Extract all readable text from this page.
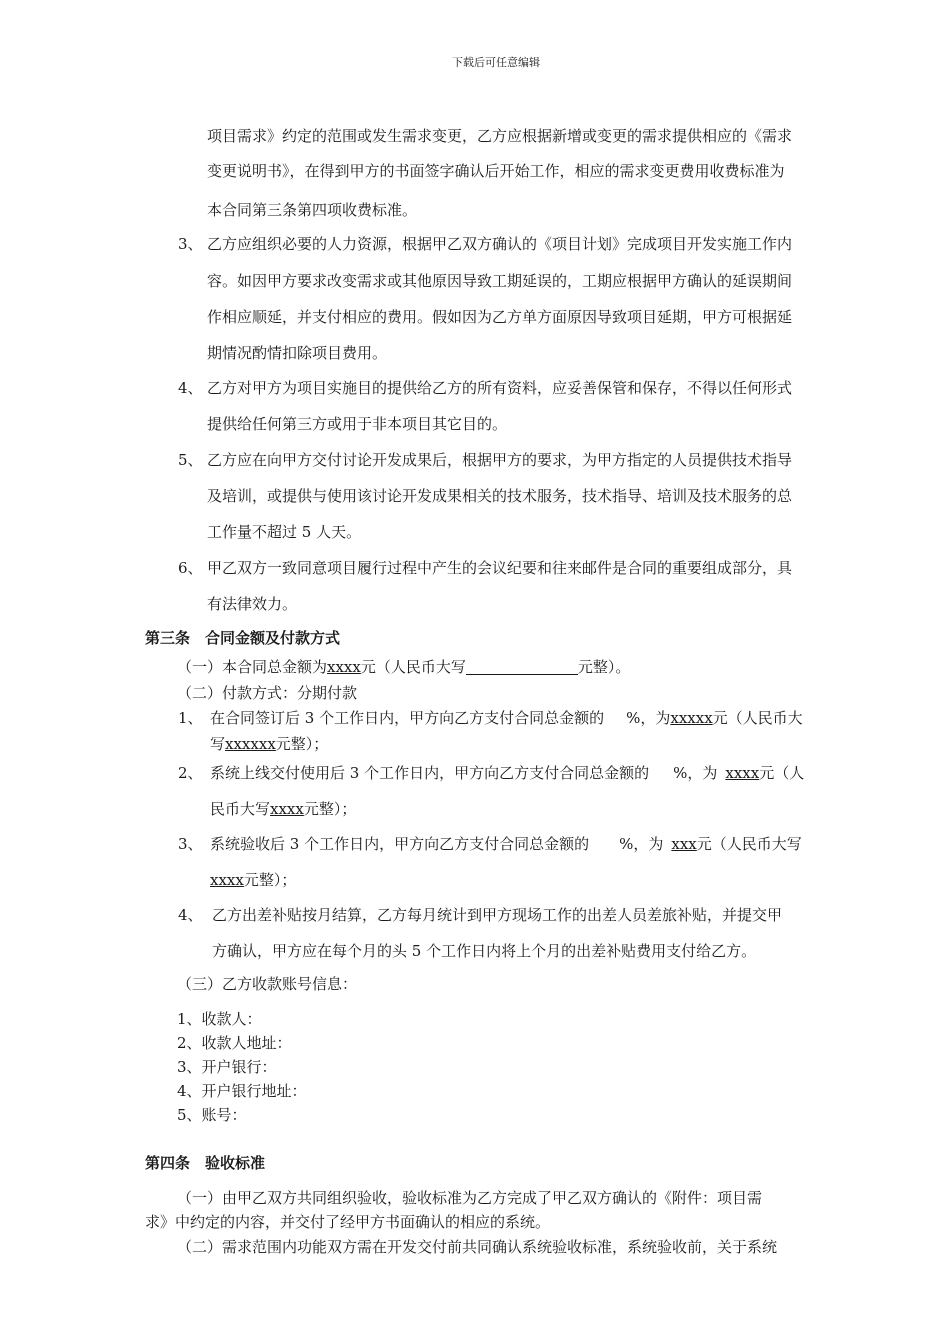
下载后可任意编辑
项目需求》约定的范围或发生需求变更，乙方应根据新增或变更的需求提供相应的《需求
变更说明书》，在得到甲方的书面签字确认后开始工作，相应的需求变更费用收费标准为
本合同第三条第四项收费标准。
3、 乙方应组织必要的人力资源，根据甲乙双方确认的《项目计划》完成项目开发实施工作内
容。如因甲方要求改变需求或其他原因导致工期延误的，工期应根据甲方确认的延误期间
作相应顺延，并支付相应的费用。假如因为乙方单方面原因导致项目延期，甲方可根据延
期情况酌情扣除项目费用。
4、 乙方对甲方为项目实施目的提供给乙方的所有资料，应妥善保管和保存，不得以任何形式
提供给任何第三方或用于非本项目其它目的。
5、 乙方应在向甲方交付讨论开发成果后，根据甲方的要求，为甲方指定的人员提供技术指导
及培训，或提供与使用该讨论开发成果相关的技术服务，技术指导、培训及技术服务的总
工作量不超过 5 人天。
6、 甲乙双方一致同意项目履行过程中产生的会议纪要和往来邮件是合同的重要组成部分，具
有法律效力。
第三条　合同金额及付款方式
（一）本合同总金额为xxxx元（人民币大写	元整）。
（二）付款方式：分期付款
1、 在合同签订后 3 个工作日内，甲方向乙方支付合同总金额的 %，为xxxxx元（人民币大
写xxxxxx元整）；
2、 系统上线交付使用后 3 个工作日内，甲方向乙方支付合同总金额的 %，为 xxxx元（人
民币大写xxxx元整）；
3、 系统验收后 3 个工作日内，甲方向乙方支付合同总金额的 %，为 xxx元（人民币大写
xxxx元整）；
4、 乙方出差补贴按月结算，乙方每月统计到甲方现场工作的出差人员差旅补贴，并提交甲
方确认，甲方应在每个月的头 5 个工作日内将上个月的出差补贴费用支付给乙方。
（三）乙方收款账号信息：
1、收款人：
2、收款人地址：
3、开户银行：
4、开户银行地址：
5、账号：
第四条　验收标准
（一）由甲乙双方共同组织验收，验收标准为乙方完成了甲乙双方确认的《附件：项目需
求》中约定的内容，并交付了经甲方书面确认的相应的系统。
（二）需求范围内功能双方需在开发交付前共同确认系统验收标准，系统验收前，关于系统
